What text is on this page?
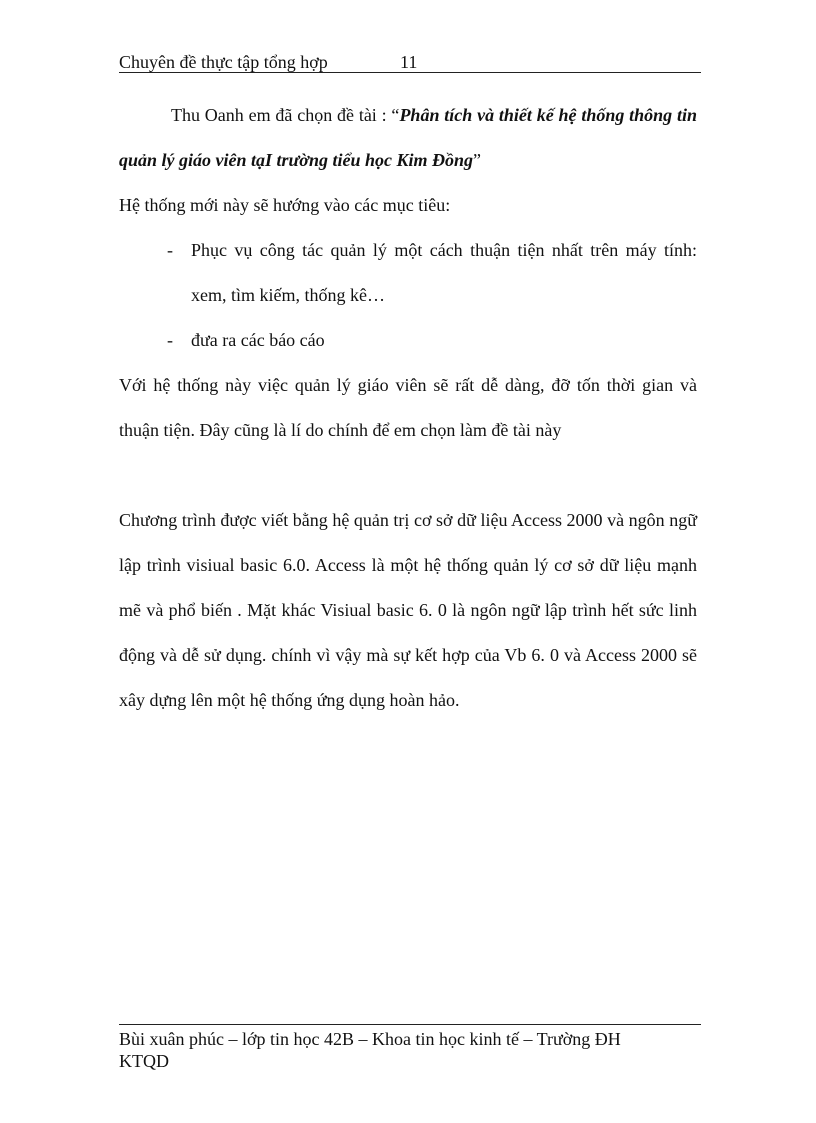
Chuyên đề thực tập tổng hợp	11

Thu Oanh em đã chọn đề tài : “Phân tích và thiết kế hệ thống thông tin quản lý giáo viên tạI trường tiểu học Kim Đồng”

Hệ thống mới này sẽ hướng vào các mục tiêu:

- Phục vụ công tác quản lý một cách thuận tiện nhất trên máy tính: xem, tìm kiếm, thống kê…
- đưa ra các báo cáo

Với hệ thống này việc quản lý giáo viên sẽ rất dễ dàng, đỡ tốn thời gian và thuận tiện. Đây cũng là lí do chính để em chọn làm đề tài này

Chương trình được viết bằng hệ quản trị cơ sở dữ liệu Access 2000 và ngôn ngữ lập trình visiual basic 6.0. Access là một hệ thống quản lý cơ sở dữ liệu mạnh mẽ và phổ biến . Mặt khác Visiual basic 6. 0 là ngôn ngữ lập trình hết sức linh động và dễ sử dụng. chính vì vậy mà sự kết hợp của Vb 6. 0 và Access 2000 sẽ xây dựng lên một hệ thống ứng dụng hoàn hảo.

Bùi xuân phúc – lớp tin học 42B – Khoa tin học kinh tế – Trường ĐH
KTQD
